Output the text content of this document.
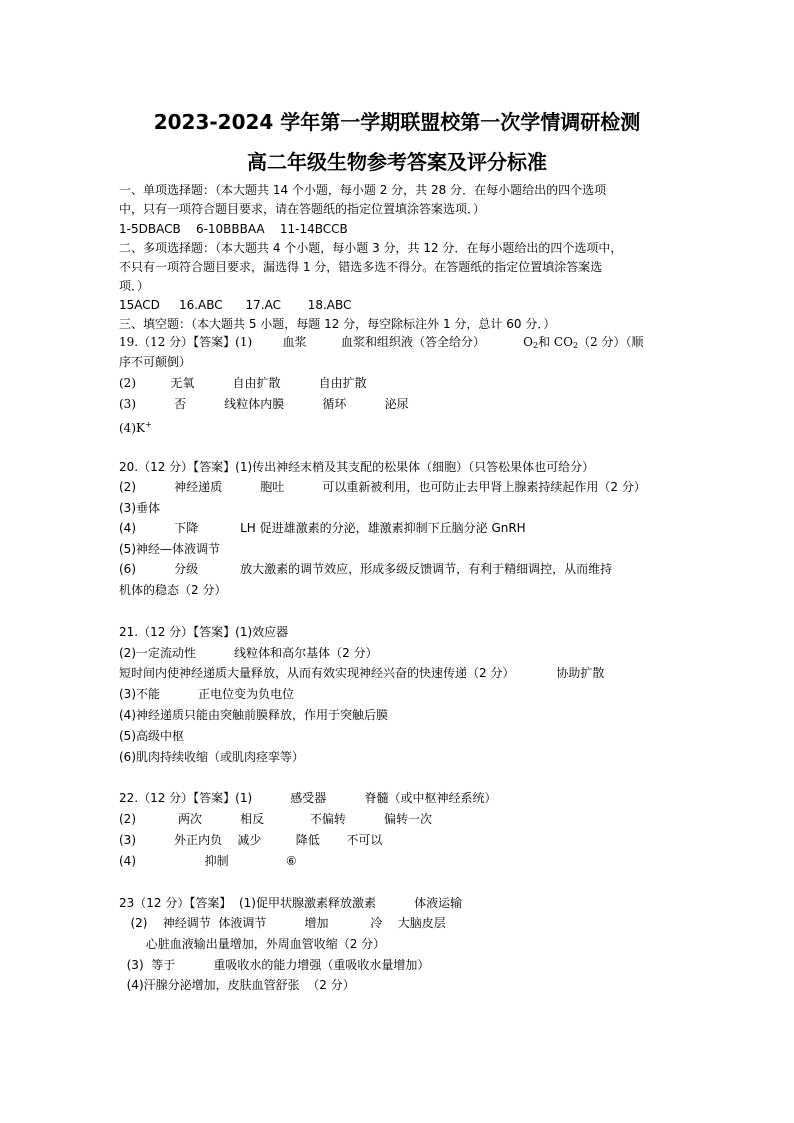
2023-2024 学年第一学期联盟校第一次学情调研检测
高二年级生物参考答案及评分标准
一、单项选择题：（本大题共 14 个小题，每小题 2 分，共 28 分．在每小题给出的四个选项
中，只有一项符合题目要求，请在答题纸的指定位置填涂答案选项．）
1-5DBACB    6-10BBBAA    11-14BCCB
二、多项选择题：（本大题共 4 个小题，每小题 3 分，共 12 分．在每小题给出的四个选项中，
不只有一项符合题目要求，漏选得 1 分，错选多选不得分。在答题纸的指定位置填涂答案选
项．）
15ACD     16.ABC      17.AC       18.ABC
三、填空题：（本大题共 5 小题，每题 12 分，每空除标注外 1 分，总计 60 分．）
19.（12 分）【答案】(1)        血浆         血浆和组织液（答全给分）          $O_2$和 $CO_2(2$ 分）（顺
序不可颠倒）
(2)         无氧          自由扩散          自由扩散
(3)          否          线粒体内膜          循环          泌尿
(4)K+
20.（12 分）【答案】(1)传出神经末梢及其支配的松果体（细胞）（只答松果体也可给分）
(2)          神经递质          胞吐          可以重新被利用，也可防止去甲肾上腺素持续起作用（2 分）
(3)垂体
(4)          下降           LH 促进雄激素的分泌，雄激素抑制下丘脑分泌 GnRH
(5)神经—体液调节
(6)          分级           放大激素的调节效应，形成多级反馈调节，有利于精细调控，从而维持
机体的稳态（2 分）
21.（12 分）【答案】(1)效应器
(2)一定流动性          线粒体和高尔基体（2 分）
短时间内使神经递质大量释放，从而有效实现神经兴奋的快速传递（2 分）           协助扩散
(3)不能          正电位变为负电位
(4)神经递质只能由突触前膜释放，作用于突触后膜
(5)高级中枢
(6)肌肉持续收缩（或肌肉痉挛等）
22.（12 分）【答案】(1)          感受器          脊髓（或中枢神经系统）
(2)           两次          相反            不偏转          偏转一次
(3)          外正内负    减少         降低       不可以
(4)                  抑制               ⑥
23（12 分）【答案】  (1)促甲状腺激素释放激素          体液运输
(2)    神经调节  体液调节          增加           冷    大脑皮层
心脏血液输出量增加，外周血管收缩（2 分）
(3)  等于          重吸收水的能力增强（重吸收水量增加）
(4)汗腺分泌增加，皮肤血管舒张  （2 分）
